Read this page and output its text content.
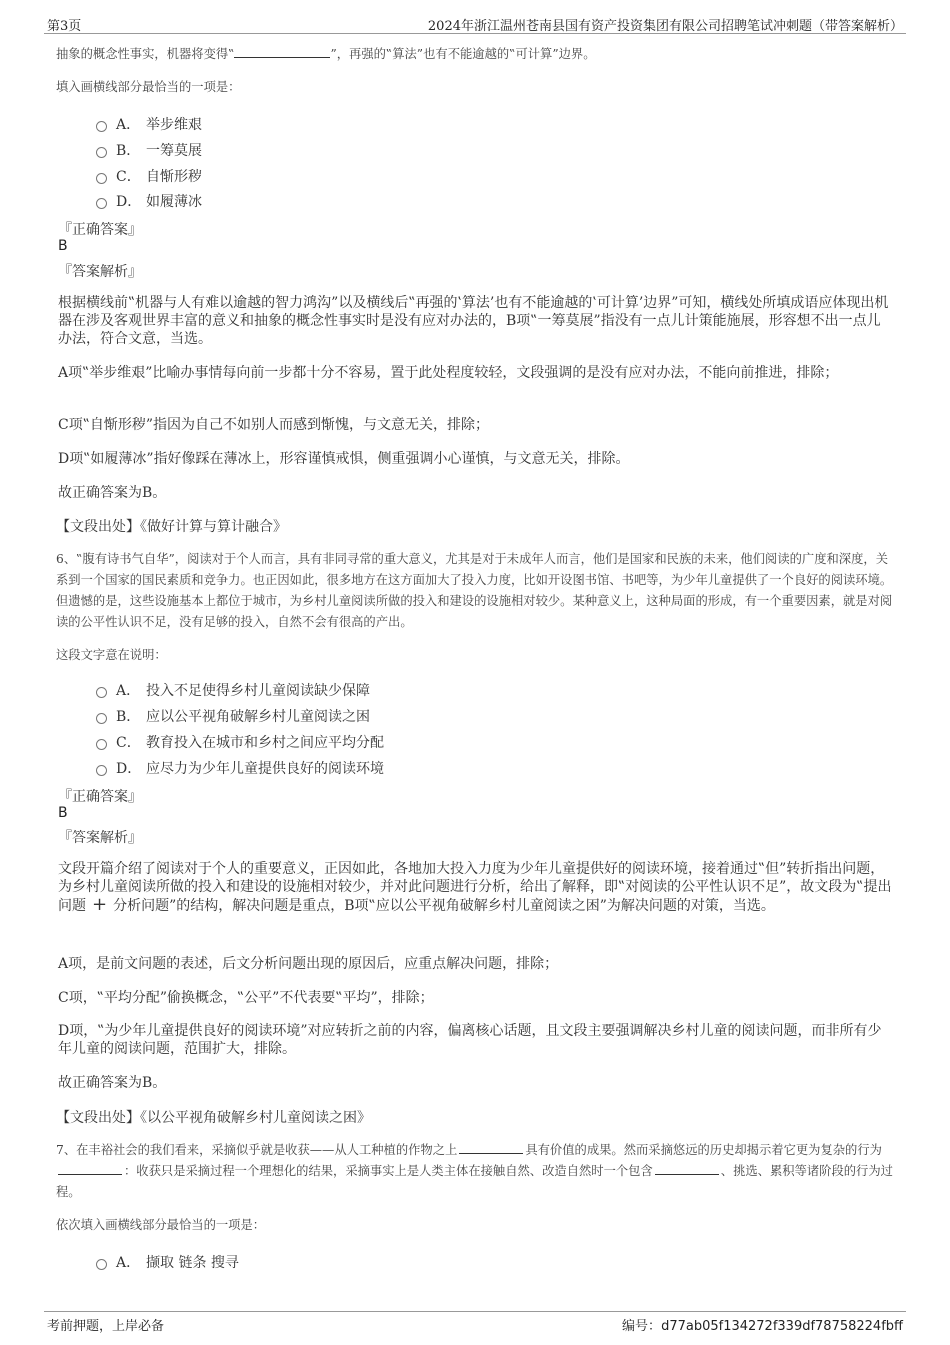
第3页	2024年浙江温州苍南县国有资产投资集团有限公司招聘笔试冲刺题（带答案解析）
抽象的概念性事实，机器将变得‟	”，再强的‟算法”也有不能逾越的‟可计算”边界。
填入画横线部分最恰当的一项是：
A． 举步维艰
B． 一筹莫展
C． 自惭形秽
D． 如履薄冰
『正确答案』
B
『答案解析』
根据横线前‟机器与人有难以逾越的智力鸿沟”以及横线后‟再强的‛算法’也有不能逾越的‛可计算’边界”可知，横线处所填成语应体现出机器在涉及客观世界丰富的意义和抽象的概念性事实时是没有应对办法的，B项‟一筹莫展”指没有一点儿计策能施展，形容想不出一点儿办法，符合文意，当选。
A项‟举步维艰”比喻办事情每向前一步都十分不容易，置于此处程度较轻，文段强调的是没有应对办法，不能向前推进，排除；
C项‟自惭形秽”指因为自己不如别人而感到惭愧，与文意无关，排除；
D项‟如履薄冰”指好像踩在薄冰上，形容谨慎戒惧，侧重强调小心谨慎，与文意无关，排除。
故正确答案为B。
【文段出处】《做好计算与算计融合》
6、‟腹有诗书气自华”，阅读对于个人而言，具有非同寻常的重大意义，尤其是对于未成年人而言，他们是国家和民族的未来，他们阅读的广度和深度，关系到一个国家的国民素质和竞争力。也正因如此，很多地方在这方面加大了投入力度，比如开设图书馆、书吧等，为少年儿童提供了一个良好的阅读环境。但遗憾的是，这些设施基本上都位于城市，为乡村儿童阅读所做的投入和建设的设施相对较少。某种意义上，这种局面的形成，有一个重要因素，就是对阅读的公平性认识不足，没有足够的投入，自然不会有很高的产出。
这段文字意在说明：
A． 投入不足使得乡村儿童阅读缺少保障
B． 应以公平视角破解乡村儿童阅读之困
C． 教育投入在城市和乡村之间应平均分配
D． 应尽力为少年儿童提供良好的阅读环境
『正确答案』
B
『答案解析』
文段开篇介绍了阅读对于个人的重要意义，正因如此，各地加大投入力度为少年儿童提供好的阅读环境，接着通过‟但”转折指出问题，为乡村儿童阅读所做的投入和建设的设施相对较少，并对此问题进行分析，给出了解释，即‟对阅读的公平性认识不足”，故文段为‟提出问题 + 分析问题”的结构，解决问题是重点，B项‟应以公平视角破解乡村儿童阅读之困”为解决问题的对策，当选。
A项，是前文问题的表述，后文分析问题出现的原因后，应重点解决问题，排除；
C项，‟平均分配”偷换概念，‟公平”不代表要‟平均”，排除；
D项，‟为少年儿童提供良好的阅读环境”对应转折之前的内容，偏离核心话题，且文段主要强调解决乡村儿童的阅读问题，而非所有少年儿童的阅读问题，范围扩大，排除。
故正确答案为B。
【文段出处】《以公平视角破解乡村儿童阅读之困》
7、在丰裕社会的我们看来，采摘似乎就是收获——从人工种植的作物之上	具有价值的成果。然而采摘悠远的历史却揭示着它更为复杂的行为：收获只是采摘过程一个理想化的结果，采摘事实上是人类主体在接触自然、改造自然时一个包含	、挑选、累积等诸阶段的行为过程。
依次填入画横线部分最恰当的一项是：
A． 撷取 链条 搜寻
考前押题，上岸必备	编号：d77ab05f134272f339df78758224fbff
